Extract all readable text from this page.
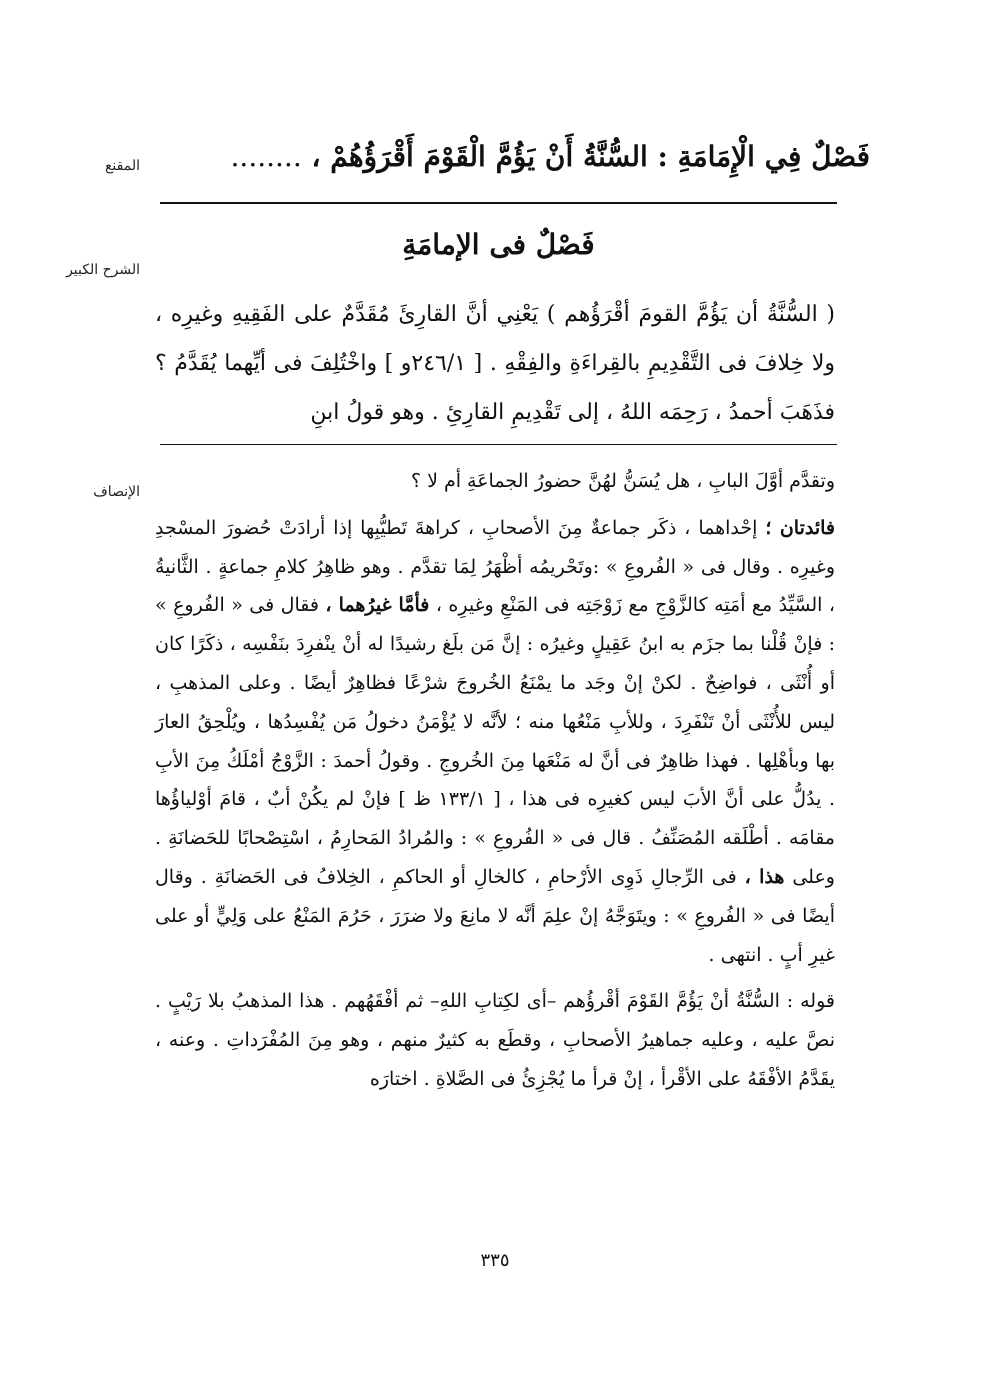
المقنع
الشرح الكبير
الإنصاف
فَصْلٌ فِي الْإِمَامَةِ : السُّنَّةُ أَنْ يَؤُمَّ الْقَوْمَ أَقْرَؤُهُمْ ، ........
فَصْلٌ فى الإمامَةِ
( السُّنَّةُ أن يَؤُمَّ القومَ أقْرَؤُهم ) يَعْنِي أنَّ القارِئَ مُقَدَّمٌ على الفَقِيهِ وغيرِه ، ولا خِلافَ فى التَّقْدِيمِ بالقِراءَةِ والفِقْهِ . [ ٢٤٦/١و ] واخْتُلِفَ فى أيِّهما يُقَدَّمُ ؟ فذَهَبَ أحمدُ ، رَحِمَه اللهُ ، إلى تَقْدِيمِ القارِئِ . وهو قولُ ابنِ

وتقدَّم أوَّلَ البابِ ، هل يُسَنُّ لهُنَّ حضورُ الجماعَةِ أم لا ؟

فائدتان ؛ إحْداهما ، ذكَر جماعةٌ مِنَ الأصحابِ ، كراهةَ تَطيُّبِها إذا أرادَتْ حُضورَ المسْجدِ وغيرِه . وقال فى « الفُروعِ » :وتَحْريمُه أظْهَرُ لِمَا تقدَّم . وهو ظاهِرُ كلامِ جماعةٍ . الثَّانيةُ ، السَّيِّدُ مع أمَتِه كالزَّوْجِ مع زَوْجَتِه فى المَنْعِ وغيرِه ، فأمَّا غيرُهما ، فقال فى « الفُروعِ » : فإنْ قُلْنا بما جزَم به ابنُ عَقِيلٍ وغيرُه : إنَّ مَن بلَغ رشيدًا له أنْ ينْفرِدَ بنَفْسِه ، ذكَرًا كان أو أُنْثَى ، فواضِحٌ . لكنْ إنْ وجَد ما يمْنَعُ الخُروجَ شرْعًا فظاهِرٌ أيضًا . وعلى المذهبِ ، ليس للأُنْثَى أنْ تَنْفَرِدَ ، وللأبِ مَنْعُها منه ؛ لأنَّه لا يُؤْمَنُ دخولُ مَن يُفْسِدُها ، ويُلْحِقُ العارَ بها وبأهْلِها . فهذا ظاهِرٌ فى أنَّ له مَنْعَها مِنَ الخُروجِ . وقولُ أحمدَ : الزَّوْجُ أمْلَكُ مِنَ الأبِ . يدُلُّ على أنَّ الأبَ ليس كغيرِه فى هذا ، [ ١٣٣/١ ظ ] فإنْ لم يكُنْ أبٌ ، قامَ أوْلياؤُها مقامَه . أطْلَقه المُصَنِّفُ . قال فى « الفُروعِ » : والمُرادُ المَحارِمُ ، اسْتِصْحابًا للحَضانَةِ . وعلى هذا ، فى الرِّجالِ ذَوِى الأرْحامِ ، كالخالِ أو الحاكمِ ، الخِلافُ فى الحَضانَةِ . وقال أيضًا فى « الفُروعِ » : ويتَوَجَّهُ إنْ علِمَ أنَّه لا مانِعَ ولا ضرَرَ ، حَرُمَ المَنْعُ على وَلِيٍّ أو على غيرِ أبٍ . انتهى .

قوله : السُّنَّةُ أنْ يَؤُمَّ القَوْمَ أقْرؤُهم –أى لكِتابِ اللهِ– ثم أفْقَهُهم . هذا المذهبُ بلا رَيْبٍ . نصَّ عليه ، وعليه جماهيرُ الأصحابِ ، وقطَع به كثيرٌ منهم ، وهو مِنَ المُفْرَداتِ . وعنه ، يقَدَّمُ الأفْقَهُ على الأقْرأ ، إنْ قرأ ما يُجْزِئُ فى الصَّلاةِ . اختارَه

٣٣٥
